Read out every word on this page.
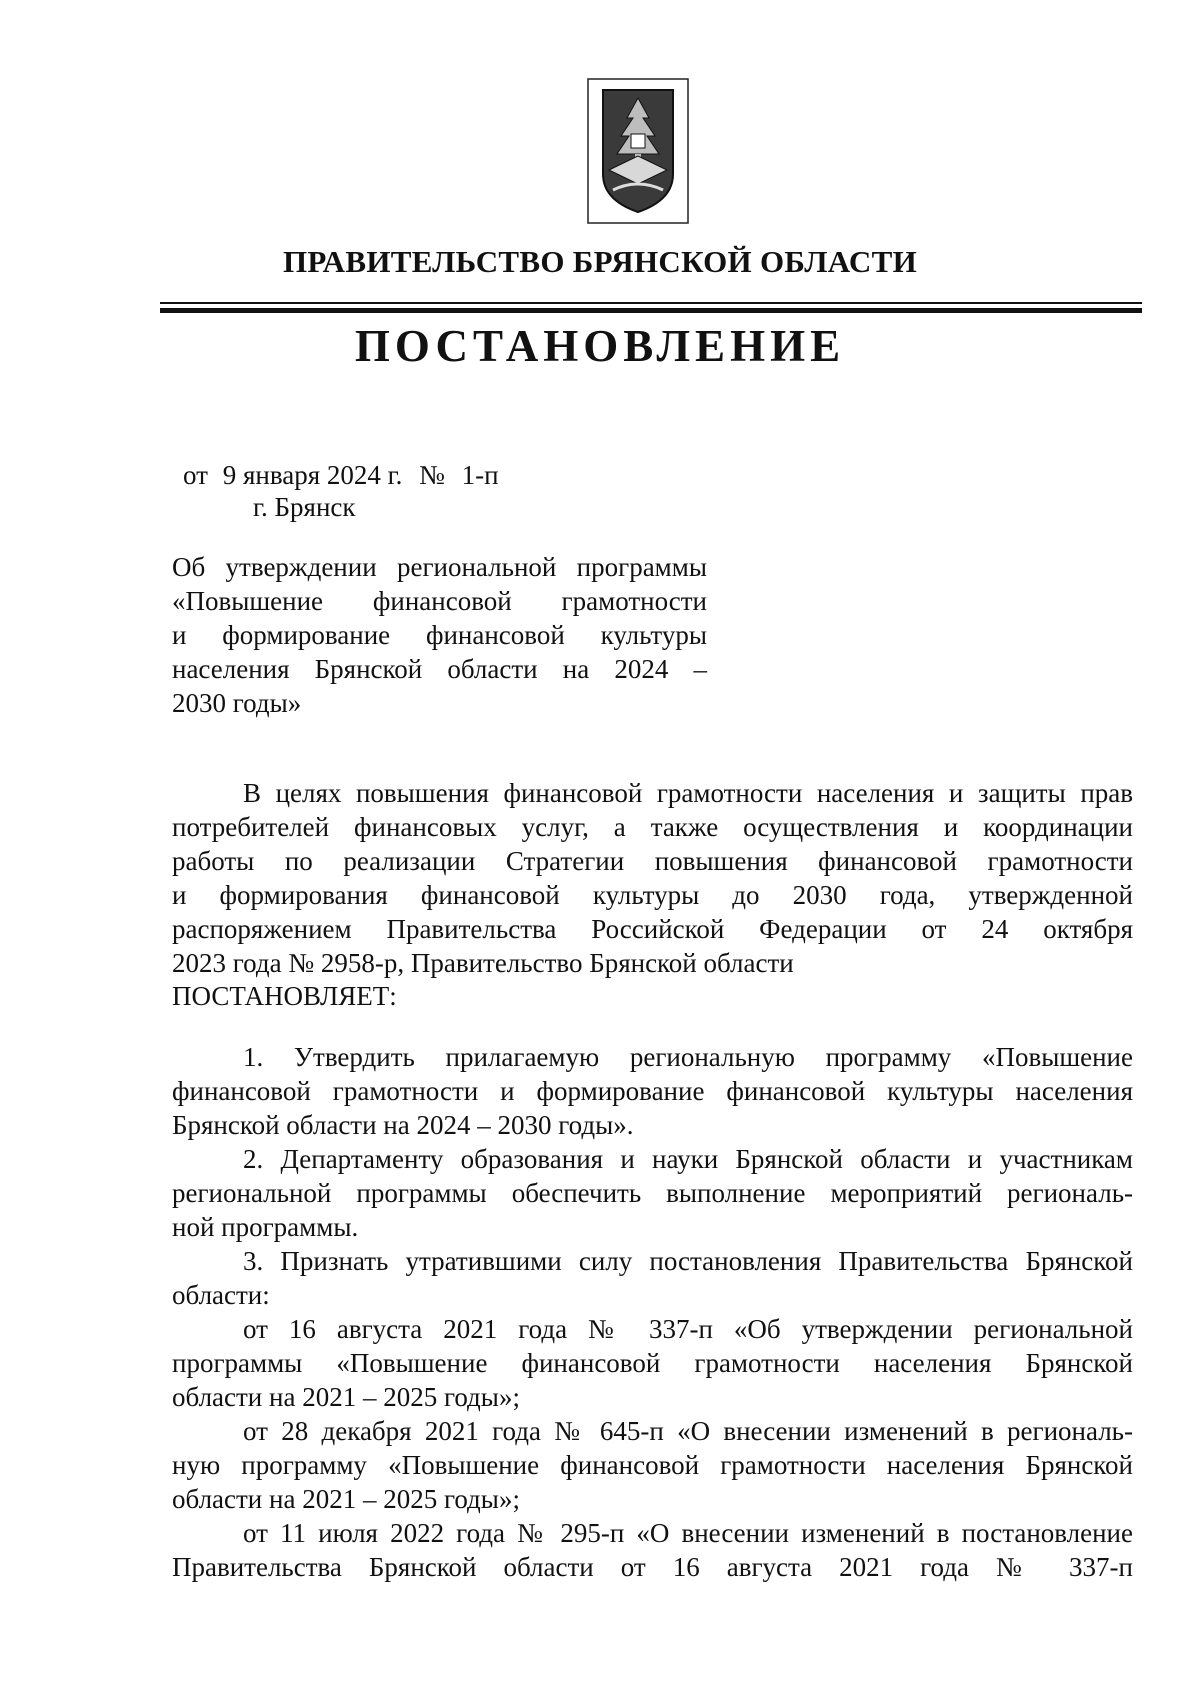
ПРАВИТЕЛЬСТВО БРЯНСКОЙ ОБЛАСТИ
ПОСТАНОВЛЕНИЕ
от 9 января 2024 г. № 1-п
г. Брянск
Об утверждении региональной программы
«Повышение финансовой грамотности
и формирование финансовой культуры
населения Брянской области на 2024 –
2030 годы»
В целях повышения финансовой грамотности населения и защиты прав
потребителей финансовых услуг, а также осуществления и координации
работы по реализации Стратегии повышения финансовой грамотности
и формирования финансовой культуры до 2030 года, утвержденной
распоряжением Правительства Российской Федерации от 24 октября
2023 года № 2958-р, Правительство Брянской области
ПОСТАНОВЛЯЕТ:
1. Утвердить прилагаемую региональную программу «Повышение
финансовой грамотности и формирование финансовой культуры населения
Брянской области на 2024 – 2030 годы».
2. Департаменту образования и науки Брянской области и участникам
региональной программы обеспечить выполнение мероприятий региональ-
ной программы.
3. Признать утратившими силу постановления Правительства Брянской
области:
от 16 августа 2021 года № 337-п «Об утверждении региональной
программы «Повышение финансовой грамотности населения Брянской
области на 2021 – 2025 годы»;
от 28 декабря 2021 года № 645-п «О внесении изменений в региональ-
ную программу «Повышение финансовой грамотности населения Брянской
области на 2021 – 2025 годы»;
от 11 июля 2022 года № 295-п «О внесении изменений в постановление
Правительства Брянской области от 16 августа 2021 года № 337-п
